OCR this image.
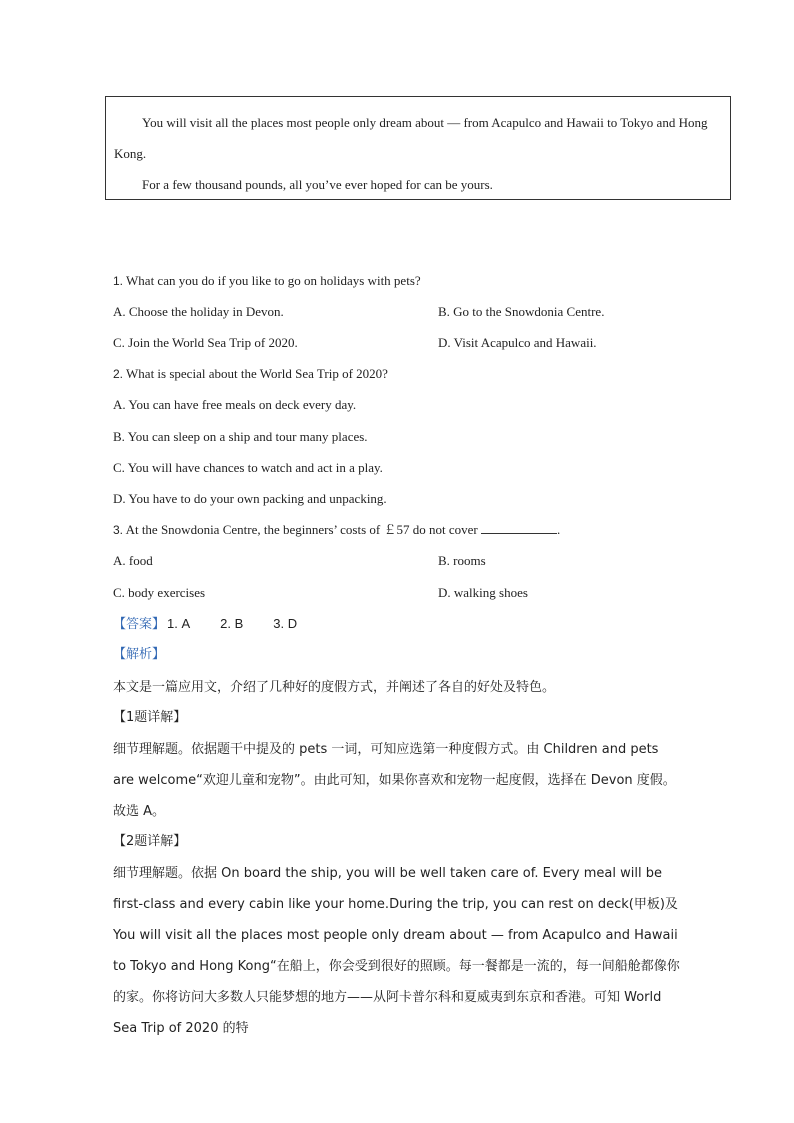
You will visit all the places most people only dream about — from Acapulco and Hawaii to Tokyo and Hong Kong.

For a few thousand pounds, all you’ve ever hoped for can be yours.

1. What can you do if you like to go on holidays with pets?
A. Choose the holiday in Devon.	B. Go to the Snowdonia Centre.
C. Join the World Sea Trip of 2020.	D. Visit Acapulco and Hawaii.
2. What is special about the World Sea Trip of 2020?
A. You can have free meals on deck every day.
B. You can sleep on a ship and tour many places.
C. You will have chances to watch and act in a play.
D. You have to do your own packing and unpacking.
3. At the Snowdonia Centre, the beginners’ costs of ￡57 do not cover	.
A. food	B. rooms
C. body exercises	D. walking shoes
【答案】 1. A 2. B 3. D
【解析】
本文是一篇应用文，介绍了几种好的度假方式，并阐述了各自的好处及特色。
【1题详解】
细节理解题。依据题干中提及的 pets 一词，可知应选第一种度假方式。由 Children and pets are welcome“欢迎儿童和宠物”。由此可知，如果你喜欢和宠物一起度假，选择在 Devon 度假。故选 A。
【2题详解】
细节理解题。依据 On board the ship, you will be well taken care of. Every meal will be first-class and every cabin like your home.During the trip, you can rest on deck(甲板)及 You will visit all the places most people only dream about — from Acapulco and Hawaii to Tokyo and Hong Kong“在船上，你会受到很好的照顾。每一餐都是一流的，每一间船舱都像你的家。你将访问大多数人只能梦想的地方——从阿卡普尔科和夏威夷到东京和香港。可知 World Sea Trip of 2020 的特
